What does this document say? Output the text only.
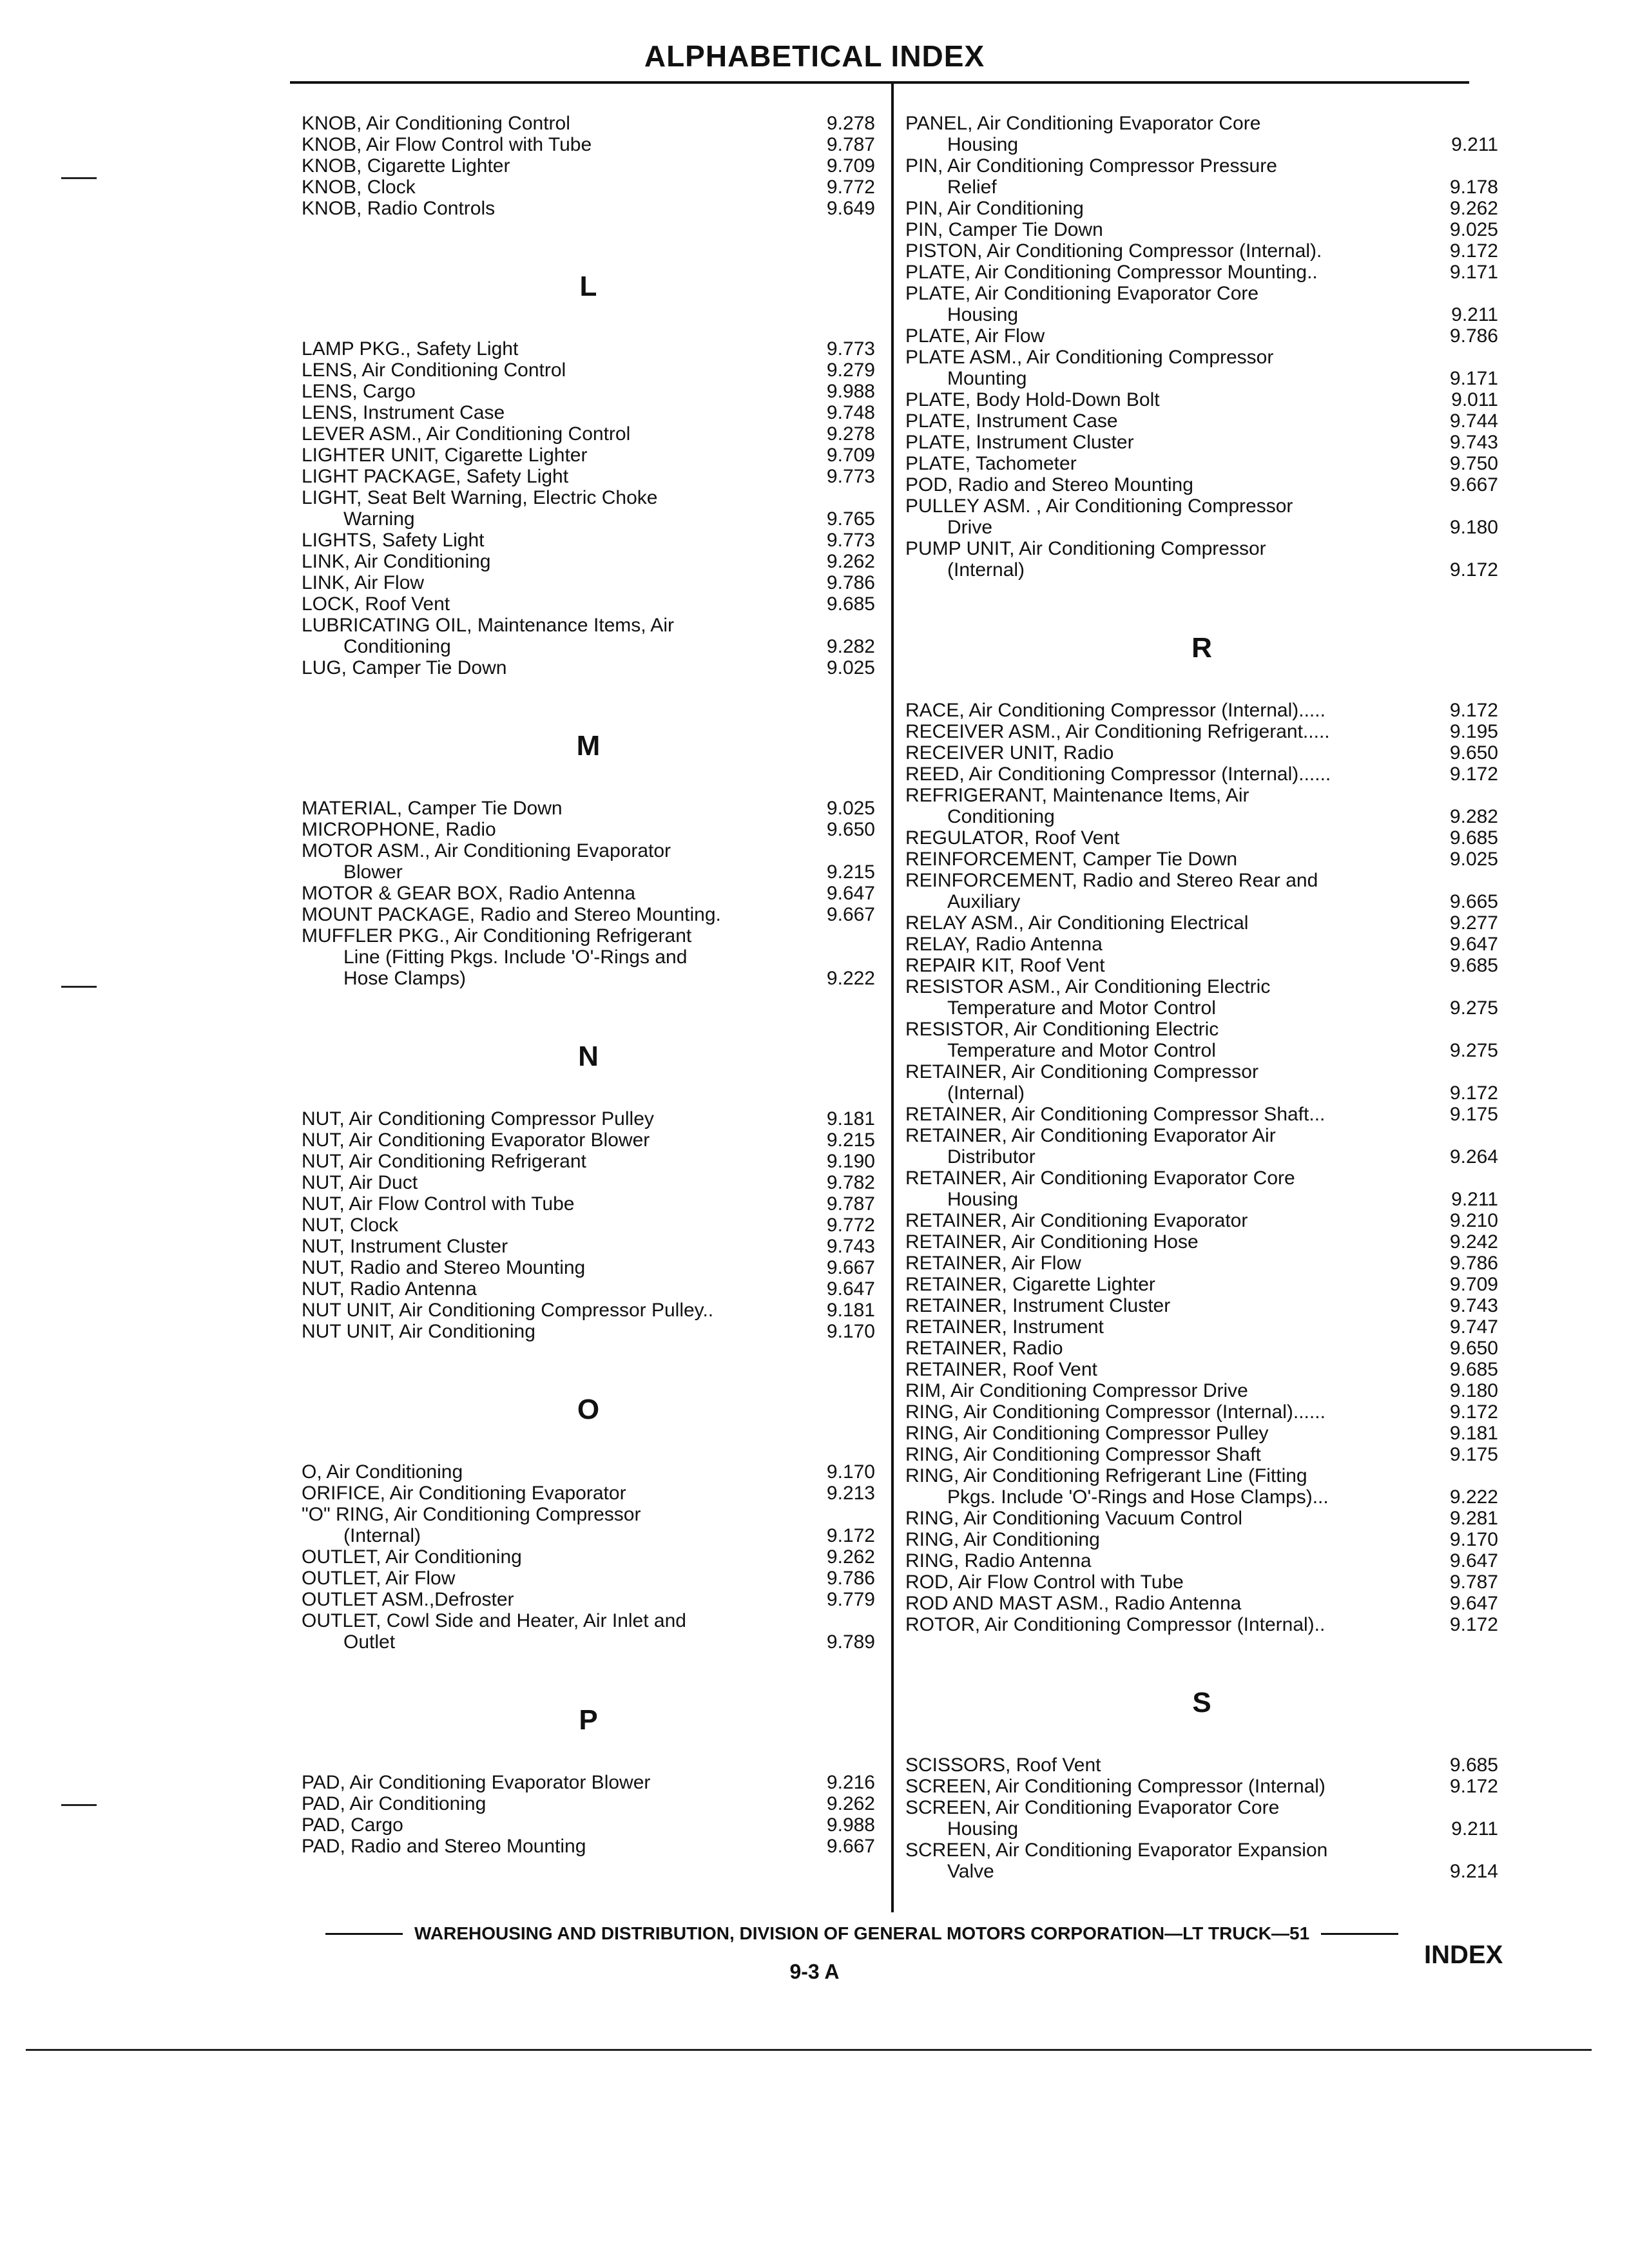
ALPHABETICAL INDEX
KNOB, Air Conditioning Control	9.278
KNOB, Air Flow Control with Tube	9.787
KNOB, Cigarette Lighter	9.709
KNOB, Clock	9.772
KNOB, Radio Controls	9.649
L
LAMP PKG., Safety Light	9.773
LENS, Air Conditioning Control	9.279
LENS, Cargo	9.988
LENS, Instrument Case	9.748
LEVER ASM., Air Conditioning Control	9.278
LIGHTER UNIT, Cigarette Lighter	9.709
LIGHT PACKAGE, Safety Light	9.773
LIGHT, Seat Belt Warning, Electric Choke
Warning	9.765
LIGHTS, Safety Light	9.773
LINK, Air Conditioning	9.262
LINK, Air Flow	9.786
LOCK, Roof Vent	9.685
LUBRICATING OIL, Maintenance Items, Air
Conditioning	9.282
LUG, Camper Tie Down	9.025
M
MATERIAL, Camper Tie Down	9.025
MICROPHONE, Radio	9.650
MOTOR ASM., Air Conditioning Evaporator
Blower	9.215
MOTOR & GEAR BOX, Radio Antenna	9.647
MOUNT PACKAGE, Radio and Stereo Mounting.	9.667
MUFFLER PKG., Air Conditioning Refrigerant
Line (Fitting Pkgs. Include 'O'-Rings and
Hose Clamps)	9.222
N
NUT, Air Conditioning Compressor Pulley	9.181
NUT, Air Conditioning Evaporator Blower	9.215
NUT, Air Conditioning Refrigerant	9.190
NUT, Air Duct	9.782
NUT, Air Flow Control with Tube	9.787
NUT, Clock	9.772
NUT, Instrument Cluster	9.743
NUT, Radio and Stereo Mounting	9.667
NUT, Radio Antenna	9.647
NUT UNIT, Air Conditioning Compressor Pulley..	9.181
NUT UNIT, Air Conditioning	9.170
O
O, Air Conditioning	9.170
ORIFICE, Air Conditioning Evaporator	9.213
"O" RING, Air Conditioning Compressor
(Internal)	9.172
OUTLET, Air Conditioning	9.262
OUTLET, Air Flow	9.786
OUTLET ASM.,Defroster	9.779
OUTLET, Cowl Side and Heater, Air Inlet and
Outlet	9.789
P
PAD, Air Conditioning Evaporator Blower	9.216
PAD, Air Conditioning	9.262
PAD, Cargo	9.988
PAD, Radio and Stereo Mounting	9.667
PANEL, Air Conditioning Evaporator Core
Housing	9.211
PIN, Air Conditioning Compressor Pressure
Relief	9.178
PIN, Air Conditioning	9.262
PIN, Camper Tie Down	9.025
PISTON, Air Conditioning Compressor (Internal).	9.172
PLATE, Air Conditioning Compressor Mounting..	9.171
PLATE, Air Conditioning Evaporator Core
Housing	9.211
PLATE, Air Flow	9.786
PLATE ASM., Air Conditioning Compressor
Mounting	9.171
PLATE, Body Hold-Down Bolt	9.011
PLATE, Instrument Case	9.744
PLATE, Instrument Cluster	9.743
PLATE, Tachometer	9.750
POD, Radio and Stereo Mounting	9.667
PULLEY ASM. , Air Conditioning Compressor
Drive	9.180
PUMP UNIT, Air Conditioning Compressor
(Internal)	9.172
R
RACE, Air Conditioning Compressor (Internal).....	9.172
RECEIVER ASM., Air Conditioning Refrigerant.....	9.195
RECEIVER UNIT, Radio	9.650
REED, Air Conditioning Compressor (Internal)......	9.172
REFRIGERANT, Maintenance Items, Air
Conditioning	9.282
REGULATOR, Roof Vent	9.685
REINFORCEMENT, Camper Tie Down	9.025
REINFORCEMENT, Radio and Stereo Rear and
Auxiliary	9.665
RELAY ASM., Air Conditioning Electrical	9.277
RELAY, Radio Antenna	9.647
REPAIR KIT, Roof Vent	9.685
RESISTOR ASM., Air Conditioning Electric
Temperature and Motor Control	9.275
RESISTOR, Air Conditioning Electric
Temperature and Motor Control	9.275
RETAINER, Air Conditioning Compressor
(Internal)	9.172
RETAINER, Air Conditioning Compressor Shaft...	9.175
RETAINER, Air Conditioning Evaporator Air
Distributor	9.264
RETAINER, Air Conditioning Evaporator Core
Housing	9.211
RETAINER, Air Conditioning Evaporator	9.210
RETAINER, Air Conditioning Hose	9.242
RETAINER, Air Flow	9.786
RETAINER, Cigarette Lighter	9.709
RETAINER, Instrument Cluster	9.743
RETAINER, Instrument	9.747
RETAINER, Radio	9.650
RETAINER, Roof Vent	9.685
RIM, Air Conditioning Compressor Drive	9.180
RING, Air Conditioning Compressor (Internal)......	9.172
RING, Air Conditioning Compressor Pulley	9.181
RING, Air Conditioning Compressor Shaft	9.175
RING, Air Conditioning Refrigerant Line (Fitting
Pkgs. Include 'O'-Rings and Hose Clamps)...	9.222
RING, Air Conditioning Vacuum Control	9.281
RING, Air Conditioning	9.170
RING, Radio Antenna	9.647
ROD, Air Flow Control with Tube	9.787
ROD AND MAST ASM., Radio Antenna	9.647
ROTOR, Air Conditioning Compressor (Internal)..	9.172
S
SCISSORS, Roof Vent	9.685
SCREEN, Air Conditioning Compressor (Internal)	9.172
SCREEN, Air Conditioning Evaporator Core
Housing	9.211
SCREEN, Air Conditioning Evaporator Expansion
Valve	9.214
WAREHOUSING AND DISTRIBUTION, DIVISION OF GENERAL MOTORS CORPORATION—LT TRUCK—51
9-3 A
INDEX
